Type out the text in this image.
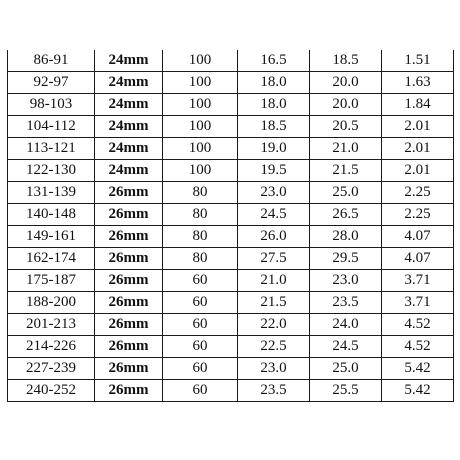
86-91	24mm	100	16.5	18.5	1.51
92-97	24mm	100	18.0	20.0	1.63
98-103	24mm	100	18.0	20.0	1.84
104-112	24mm	100	18.5	20.5	2.01
113-121	24mm	100	19.0	21.0	2.01
122-130	24mm	100	19.5	21.5	2.01
131-139	26mm	80	23.0	25.0	2.25
140-148	26mm	80	24.5	26.5	2.25
149-161	26mm	80	26.0	28.0	4.07
162-174	26mm	80	27.5	29.5	4.07
175-187	26mm	60	21.0	23.0	3.71
188-200	26mm	60	21.5	23.5	3.71
201-213	26mm	60	22.0	24.0	4.52
214-226	26mm	60	22.5	24.5	4.52
227-239	26mm	60	23.0	25.0	5.42
240-252	26mm	60	23.5	25.5	5.42
